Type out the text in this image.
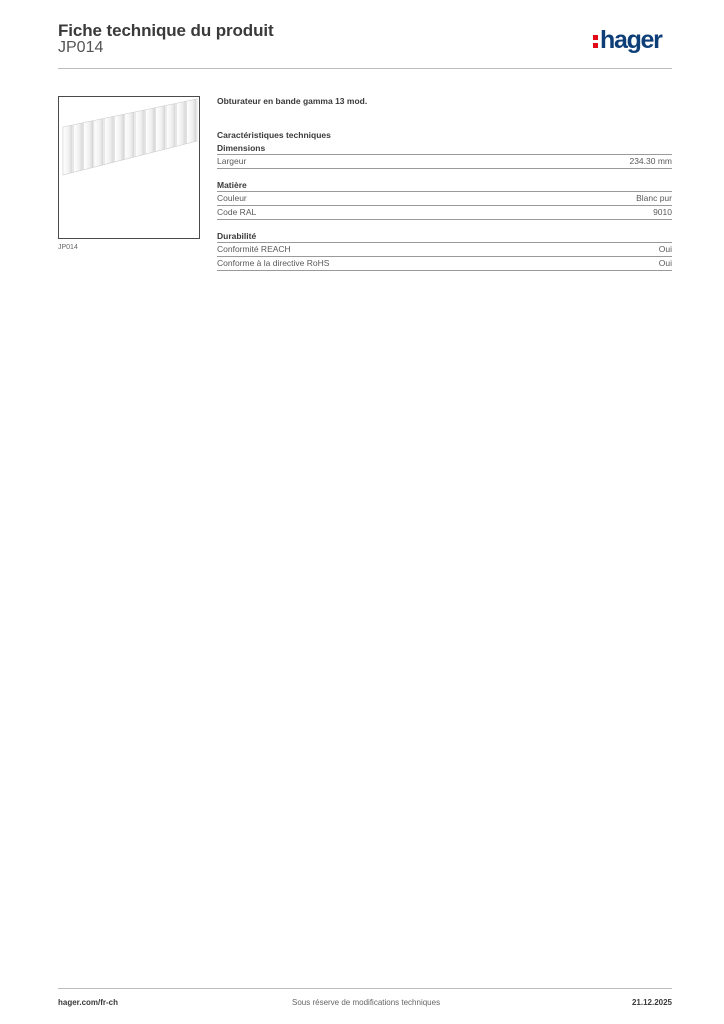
Fiche technique du produit
JP014	hager
JP014
Obturateur en bande gamma 13 mod.
Caractéristiques techniques
Dimensions
Largeur	234.30 mm
Matière
Couleur	Blanc pur
Code RAL	9010
Durabilité
Conformité REACH	Oui
Conforme à la directive RoHS	Oui
hager.com/fr-ch	Sous réserve de modifications techniques	21.12.2025
